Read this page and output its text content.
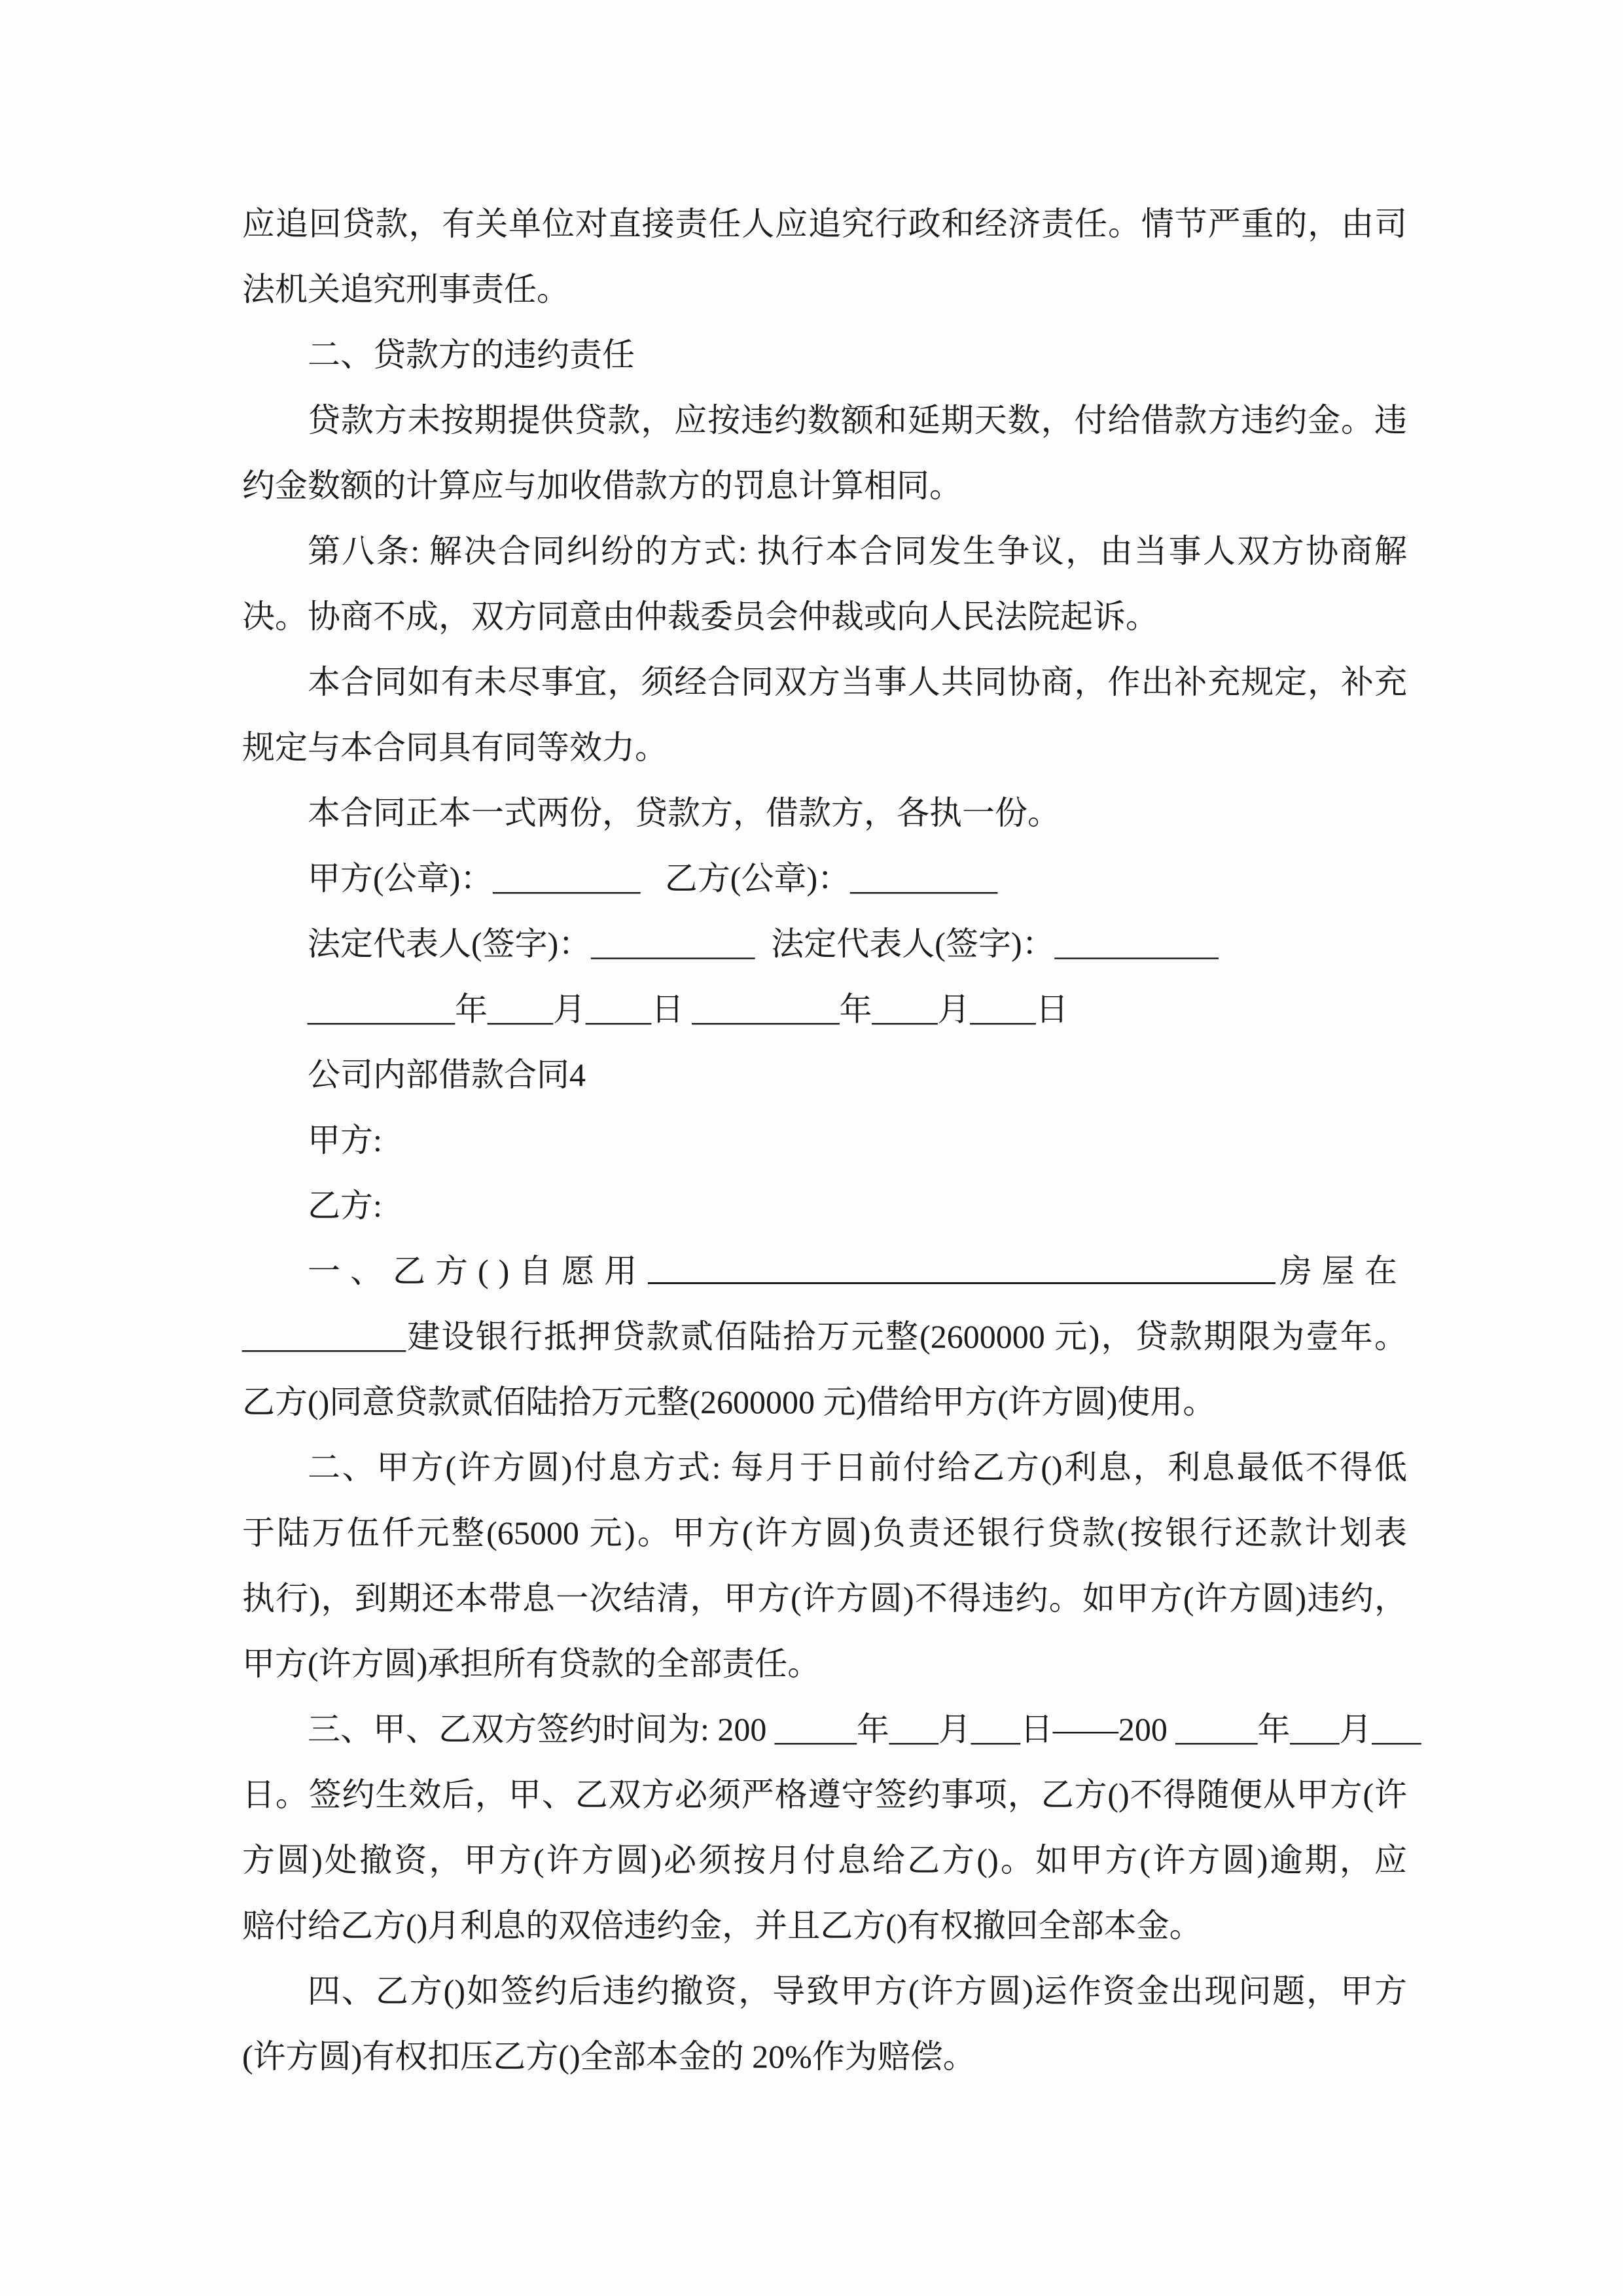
应追回贷款，有关单位对直接责任人应追究行政和经济责任。情节严重的，由司
法机关追究刑事责任。
二、贷款方的违约责任
贷款方未按期提供贷款，应按违约数额和延期天数，付给借款方违约金。违
约金数额的计算应与加收借款方的罚息计算相同。
第八条: 解决合同纠纷的方式: 执行本合同发生争议，由当事人双方协商解
决。协商不成，双方同意由仲裁委员会仲裁或向人民法院起诉。
本合同如有未尽事宜，须经合同双方当事人共同协商，作出补充规定，补充
规定与本合同具有同等效力。
本合同正本一式两份，贷款方，借款方，各执一份。
甲方(公章)：_________   乙方(公章)：_________
法定代表人(签字)：__________  法定代表人(签字)：__________
_________年____月____日 _________年____月____日
公司内部借款合同4
甲方:
乙方:
一、乙方()自愿用	房屋在
__________建设银行抵押贷款贰佰陆拾万元整(2600000 元)，贷款期限为壹年。
乙方()同意贷款贰佰陆拾万元整(2600000 元)借给甲方(许方圆)使用。
二、甲方(许方圆)付息方式: 每月于日前付给乙方()利息，利息最低不得低
于陆万伍仟元整(65000 元)。甲方(许方圆)负责还银行贷款(按银行还款计划表
执行)，到期还本带息一次结清，甲方(许方圆)不得违约。如甲方(许方圆)违约，
甲方(许方圆)承担所有贷款的全部责任。
三、甲、乙双方签约时间为: 200 _____年___月___日——200 _____年___月___
日。签约生效后，甲、乙双方必须严格遵守签约事项，乙方()不得随便从甲方(许
方圆)处撤资，甲方(许方圆)必须按月付息给乙方()。如甲方(许方圆)逾期，应
赔付给乙方()月利息的双倍违约金，并且乙方()有权撤回全部本金。
四、乙方()如签约后违约撤资，导致甲方(许方圆)运作资金出现问题，甲方
(许方圆)有权扣压乙方()全部本金的 20%作为赔偿。
